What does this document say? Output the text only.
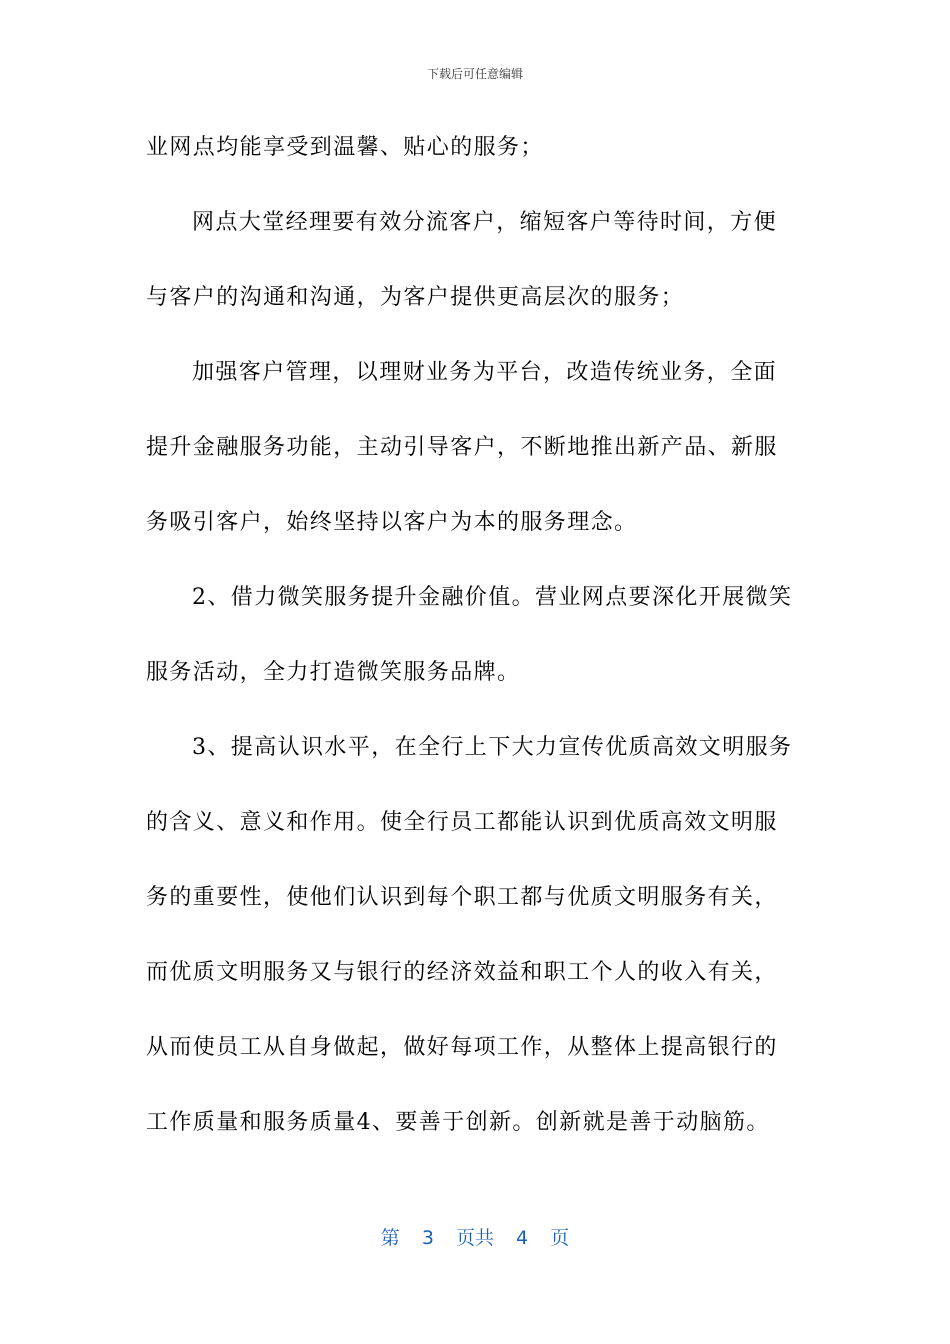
下载后可任意编辑
业网点均能享受到温馨、贴心的服务；
网点大堂经理要有效分流客户，缩短客户等待时间，方便
与客户的沟通和沟通，为客户提供更高层次的服务；
加强客户管理，以理财业务为平台，改造传统业务，全面
提升金融服务功能，主动引导客户，不断地推出新产品、新服
务吸引客户，始终坚持以客户为本的服务理念。
2、借力微笑服务提升金融价值。营业网点要深化开展微笑
服务活动，全力打造微笑服务品牌。
3、提高认识水平，在全行上下大力宣传优质高效文明服务
的含义、意义和作用。使全行员工都能认识到优质高效文明服
务的重要性，使他们认识到每个职工都与优质文明服务有关，
而优质文明服务又与银行的经济效益和职工个人的收入有关，
从而使员工从自身做起，做好每项工作，从整体上提高银行的
工作质量和服务质量4、要善于创新。创新就是善于动脑筋。
第 3 页共 4 页
